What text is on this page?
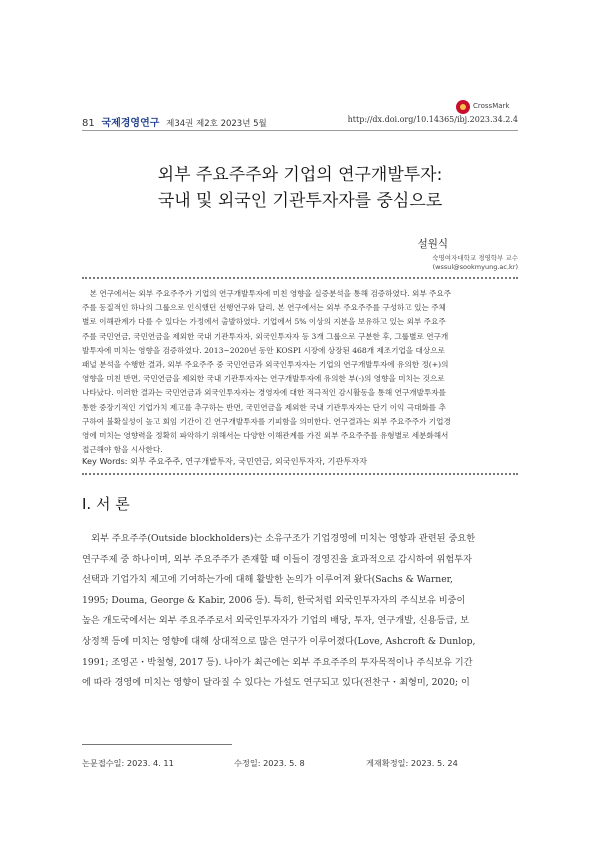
CrossMark
81 국제경영연구 제34권 제2호 2023년 5월	http://dx.doi.org/10.14365/ibj.2023.34.2.4
외부 주요주주와 기업의 연구개발투자:
국내 및 외국인 기관투자자를 중심으로
설원식
숙명여자대학교 경영학부 교수
(wssul@sookmyung.ac.kr)
　본 연구에서는 외부 주요주주가 기업의 연구개발투자에 미친 영향을 실증분석을 통해 검증하였다. 외부 주요주
주를 동질적인 하나의 그룹으로 인식했던 선행연구와 달리, 본 연구에서는 외부 주요주주를 구성하고 있는 주체
별로 이해관계가 다를 수 있다는 가정에서 출발하였다. 기업에서 5% 이상의 지분을 보유하고 있는 외부 주요주
주를 국민연금, 국민연금을 제외한 국내 기관투자자, 외국인투자자 등 3개 그룹으로 구분한 후, 그룹별로 연구개
발투자에 미치는 영향을 검증하였다. 2013~2020년 동안 KOSPI 시장에 상장된 468개 제조기업을 대상으로
패널 분석을 수행한 결과, 외부 주요주주 중 국민연금과 외국인투자자는 기업의 연구개발투자에 유의한 정(+)의
영향을 미친 반면, 국민연금을 제외한 국내 기관투자자는 연구개발투자에 유의한 부(-)의 영향을 미치는 것으로
나타났다. 이러한 결과는 국민연금과 외국인투자자는 경영자에 대한 적극적인 감시활동을 통해 연구개발투자를
통한 중장기적인 기업가치 제고를 추구하는 반면, 국민연금을 제외한 국내 기관투자자는 단기 이익 극대화를 추
구하여 불확실성이 높고 회임 기간이 긴 연구개발투자를 기피함을 의미한다. 연구결과는 외부 주요주주가 기업경
영에 미치는 영향력을 정확히 파악하기 위해서는 다양한 이해관계를 가진 외부 주요주주를 유형별로 세분화해서
접근해야 함을 시사한다.
Key Words: 외부 주요주주, 연구개발투자, 국민연금, 외국인투자자, 기관투자자
Ⅰ. 서 론
　외부 주요주주(Outside blockholders)는 소유구조가 기업경영에 미치는 영향과 관련된 중요한
연구주제 중 하나이며, 외부 주요주주가 존재할 때 이들이 경영진을 효과적으로 감시하여 위험투자
선택과 기업가치 제고에 기여하는가에 대해 활발한 논의가 이루어져 왔다(Sachs & Warner,
1995; Douma, George & Kabir, 2006 등). 특히, 한국처럼 외국인투자자의 주식보유 비중이
높은 개도국에서는 외부 주요주주로서 외국인투자자가 기업의 배당, 투자, 연구개발, 신용등급, 보
상정책 등에 미치는 영향에 대해 상대적으로 많은 연구가 이루어졌다(Love, Ashcroft & Dunlop,
1991; 조영곤・박철형, 2017 등). 나아가 최근에는 외부 주요주주의 투자목적이나 주식보유 기간
에 따라 경영에 미치는 영향이 달라질 수 있다는 가설도 연구되고 있다(전찬구・최형미, 2020; 이
논문접수일: 2023. 4. 11	수정일: 2023. 5. 8	게재확정일: 2023. 5. 24
